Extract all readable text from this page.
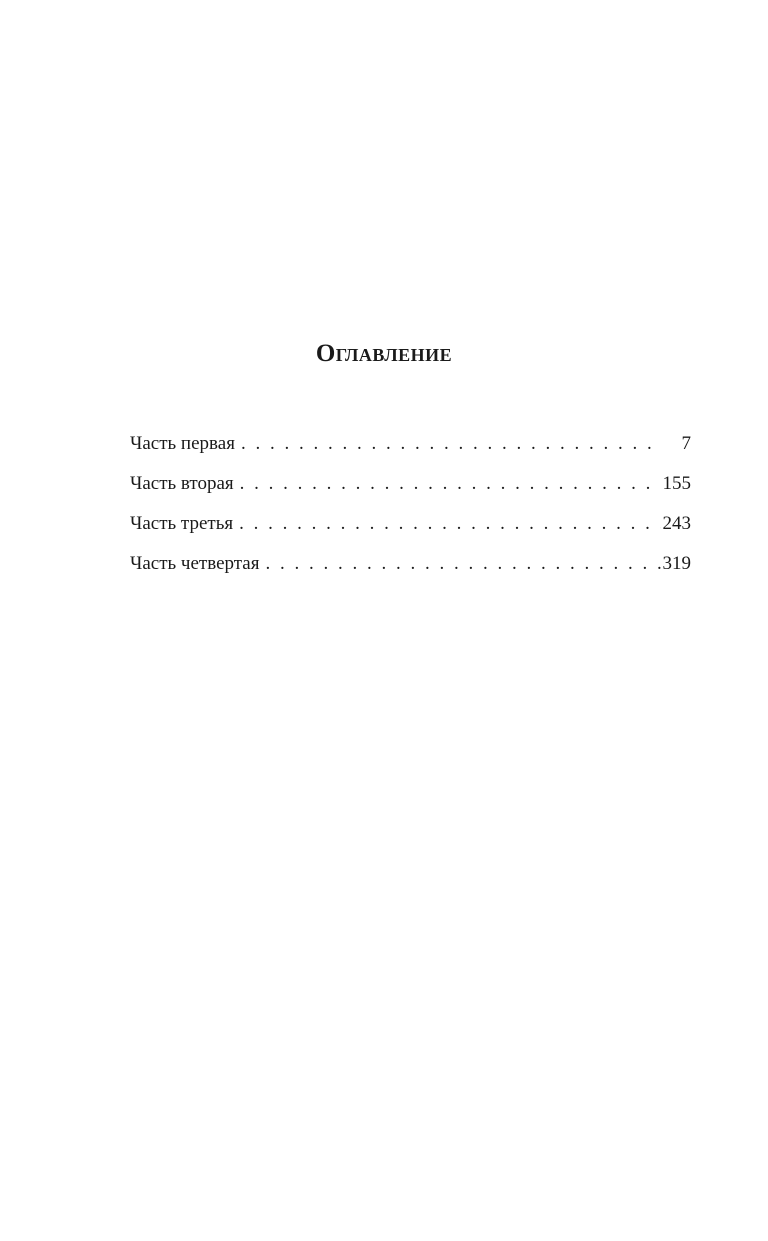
Оглавление
Часть первая . . .	7
Часть вторая . . .	155
Часть третья . . .	243
Часть четвертая . . .	319
